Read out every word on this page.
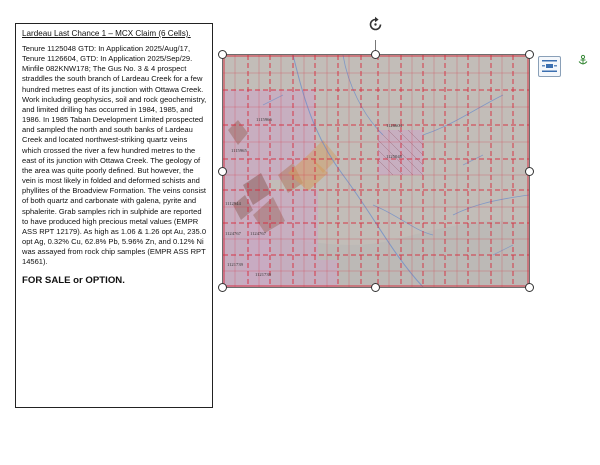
Lardeau Last Chance 1 – MCX Claim (6 Cells).

Tenure 1125048 GTD: In Application 2025/Aug/17, Tenure 1126604, GTD: In Application 2025/Sep/29. Minfile 082KNW178; The Gus No. 3 & 4 prospect straddles the south branch of Lardeau Creek for a few hundred metres east of its junction with Ottawa Creek. Work including geophysics, soil and rock geochemistry, and limited drilling has occurred in 1984, 1985, and 1986. In 1985 Taban Development Limited prospected and sampled the north and south banks of Lardeau Creek and located northwest-striking quartz veins which crossed the river a few hundred metres to the east of its junction with Ottawa Creek. The geology of the area was quite poorly defined. But however, the vein is most likely in folded and deformed schists and phyllites of the Broadview Formation. The veins consist of both quartz and carbonate with galena, pyrite and sphalerite. Grab samples rich in sulphide are reported to have produced high precious metal values (EMPR ASS RPT 12179). As high as 1.06 & 1.26 opt Au, 235.0 opt Ag, 0.32% Cu, 62.8% Pb, 5.96% Zn, and 0.12% Ni was assayed from rock chip samples (EMPR ASS RPT 14561).

FOR SALE or OPTION.
1115966
1115965
1126604
1125048
1124767
1121739
1121739
1124767
1112944
